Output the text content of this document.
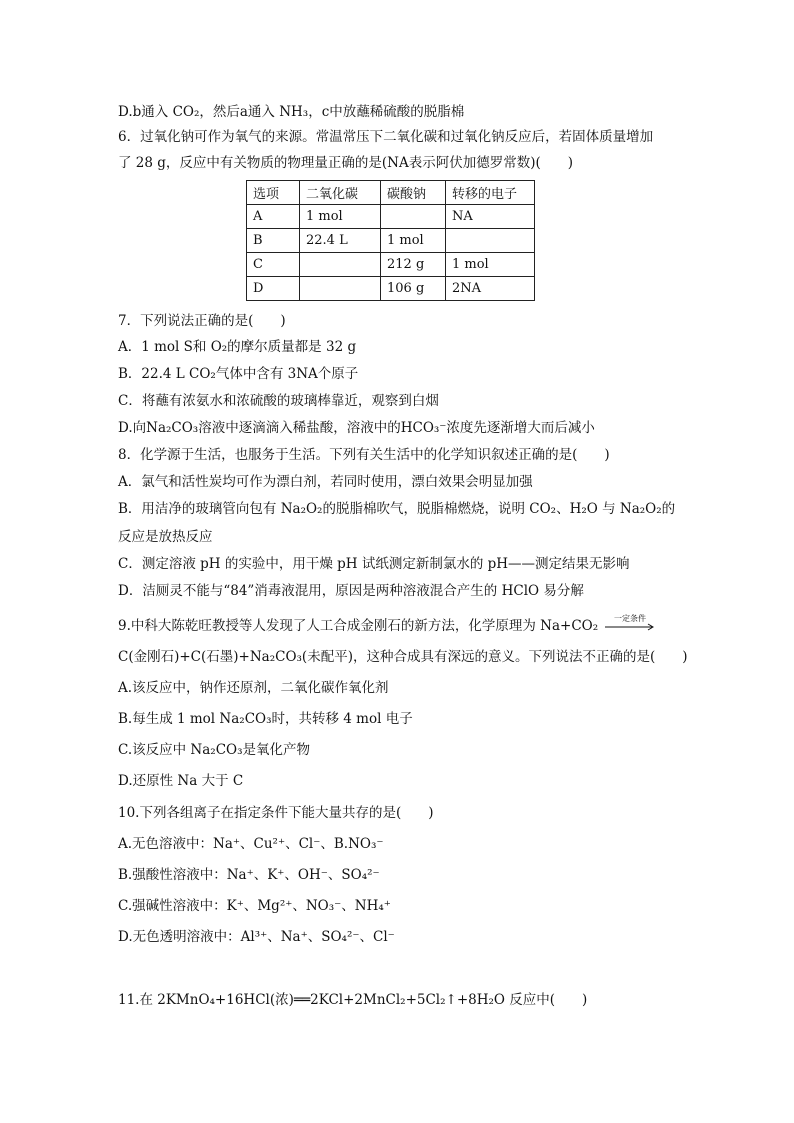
D.b通入 CO₂，然后a通入 NH₃，c中放蘸稀硫酸的脱脂棉
6．过氧化钠可作为氧气的来源。常温常压下二氧化碳和过氧化钠反应后，若固体质量增加
了 28 g，反应中有关物质的物理量正确的是(NA表示阿伏加德罗常数)(　　)
选项	二氧化碳	碳酸钠	转移的电子
A	1 mol		NA
B	22.4 L	1 mol	
C		212 g	1 mol
D		106 g	2NA
7．下列说法正确的是(　　)
A．1 mol S和 O₂的摩尔质量都是 32 g
B．22.4 L CO₂气体中含有 3NA个原子
C．将蘸有浓氨水和浓硫酸的玻璃棒靠近，观察到白烟
D.向Na₂CO₃溶液中逐滴滴入稀盐酸，溶液中的HCO₃⁻浓度先逐渐增大而后减小
8．化学源于生活，也服务于生活。下列有关生活中的化学知识叙述正确的是(　　)
A．氯气和活性炭均可作为漂白剂，若同时使用，漂白效果会明显加强
B．用洁净的玻璃管向包有 Na₂O₂的脱脂棉吹气，脱脂棉燃烧，说明 CO₂、H₂O 与 Na₂O₂的
反应是放热反应
C．测定溶液 pH 的实验中，用干燥 pH 试纸测定新制氯水的 pH——测定结果无影响
D．洁厕灵不能与“84”消毒液混用，原因是两种溶液混合产生的 HClO 易分解
9.中科大陈乾旺教授等人发现了人工合成金刚石的新方法，化学原理为 Na+CO₂	一定条件
C(金刚石)+C(石墨)+Na₂CO₃(未配平)，这种合成具有深远的意义。下列说法不正确的是(　　)
A.该反应中，钠作还原剂，二氧化碳作氧化剂
B.每生成 1 mol Na₂CO₃时，共转移 4 mol 电子
C.该反应中 Na₂CO₃是氧化产物
D.还原性 Na 大于 C
10.下列各组离子在指定条件下能大量共存的是(　　)
A.无色溶液中：Na⁺、Cu²⁺、Cl⁻、B.NO₃⁻
B.强酸性溶液中：Na⁺、K⁺、OH⁻、SO₄²⁻
C.强碱性溶液中：K⁺、Mg²⁺、NO₃⁻、NH₄⁺
D.无色透明溶液中：Al³⁺、Na⁺、SO₄²⁻、Cl⁻
11.在 2KMnO₄+16HCl(浓)══2KCl+2MnCl₂+5Cl₂↑+8H₂O 反应中(　　)
